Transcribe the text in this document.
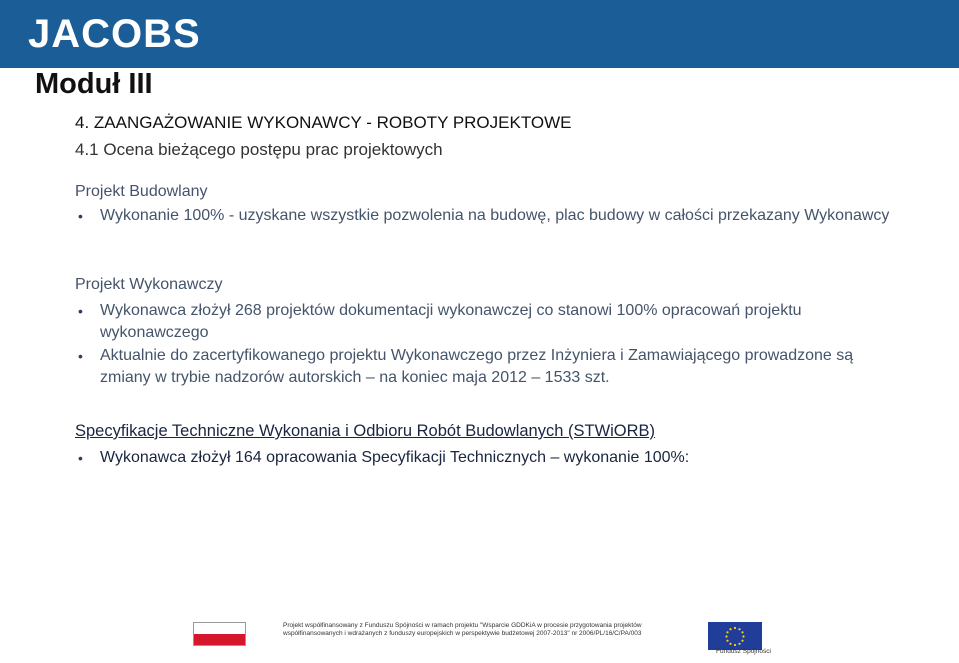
JACOBS
Moduł III
4. ZAANGAŻOWANIE WYKONAWCY - ROBOTY PROJEKTOWE
4.1 Ocena bieżącego postępu prac projektowych
Projekt Budowlany
•	Wykonanie 100% - uzyskane wszystkie pozwolenia na budowę, plac budowy w całości przekazany Wykonawcy
Projekt Wykonawczy
•	Wykonawca złożył 268 projektów dokumentacji wykonawczej co stanowi 100% opracowań projektu wykonawczego
•	Aktualnie do zacertyfikowanego projektu Wykonawczego przez Inżyniera i Zamawiającego prowadzone są zmiany w trybie nadzorów autorskich – na koniec maja 2012 – 1533 szt.
Specyfikacje Techniczne Wykonania i Odbioru Robót Budowlanych (STWiORB)
•	Wykonawca złożył 164 opracowania Specyfikacji Technicznych – wykonanie 100%:
Projekt współfinansowany z Funduszu Spójności w ramach projektu "Wsparcie GDDKiA w procesie przygotowania projektów współfinansowanych i wdrażanych z funduszy europejskich w perspektywie budżetowej 2007-2013" nr 2006/PL/16/C/PA/003
Fundusz Spójności
